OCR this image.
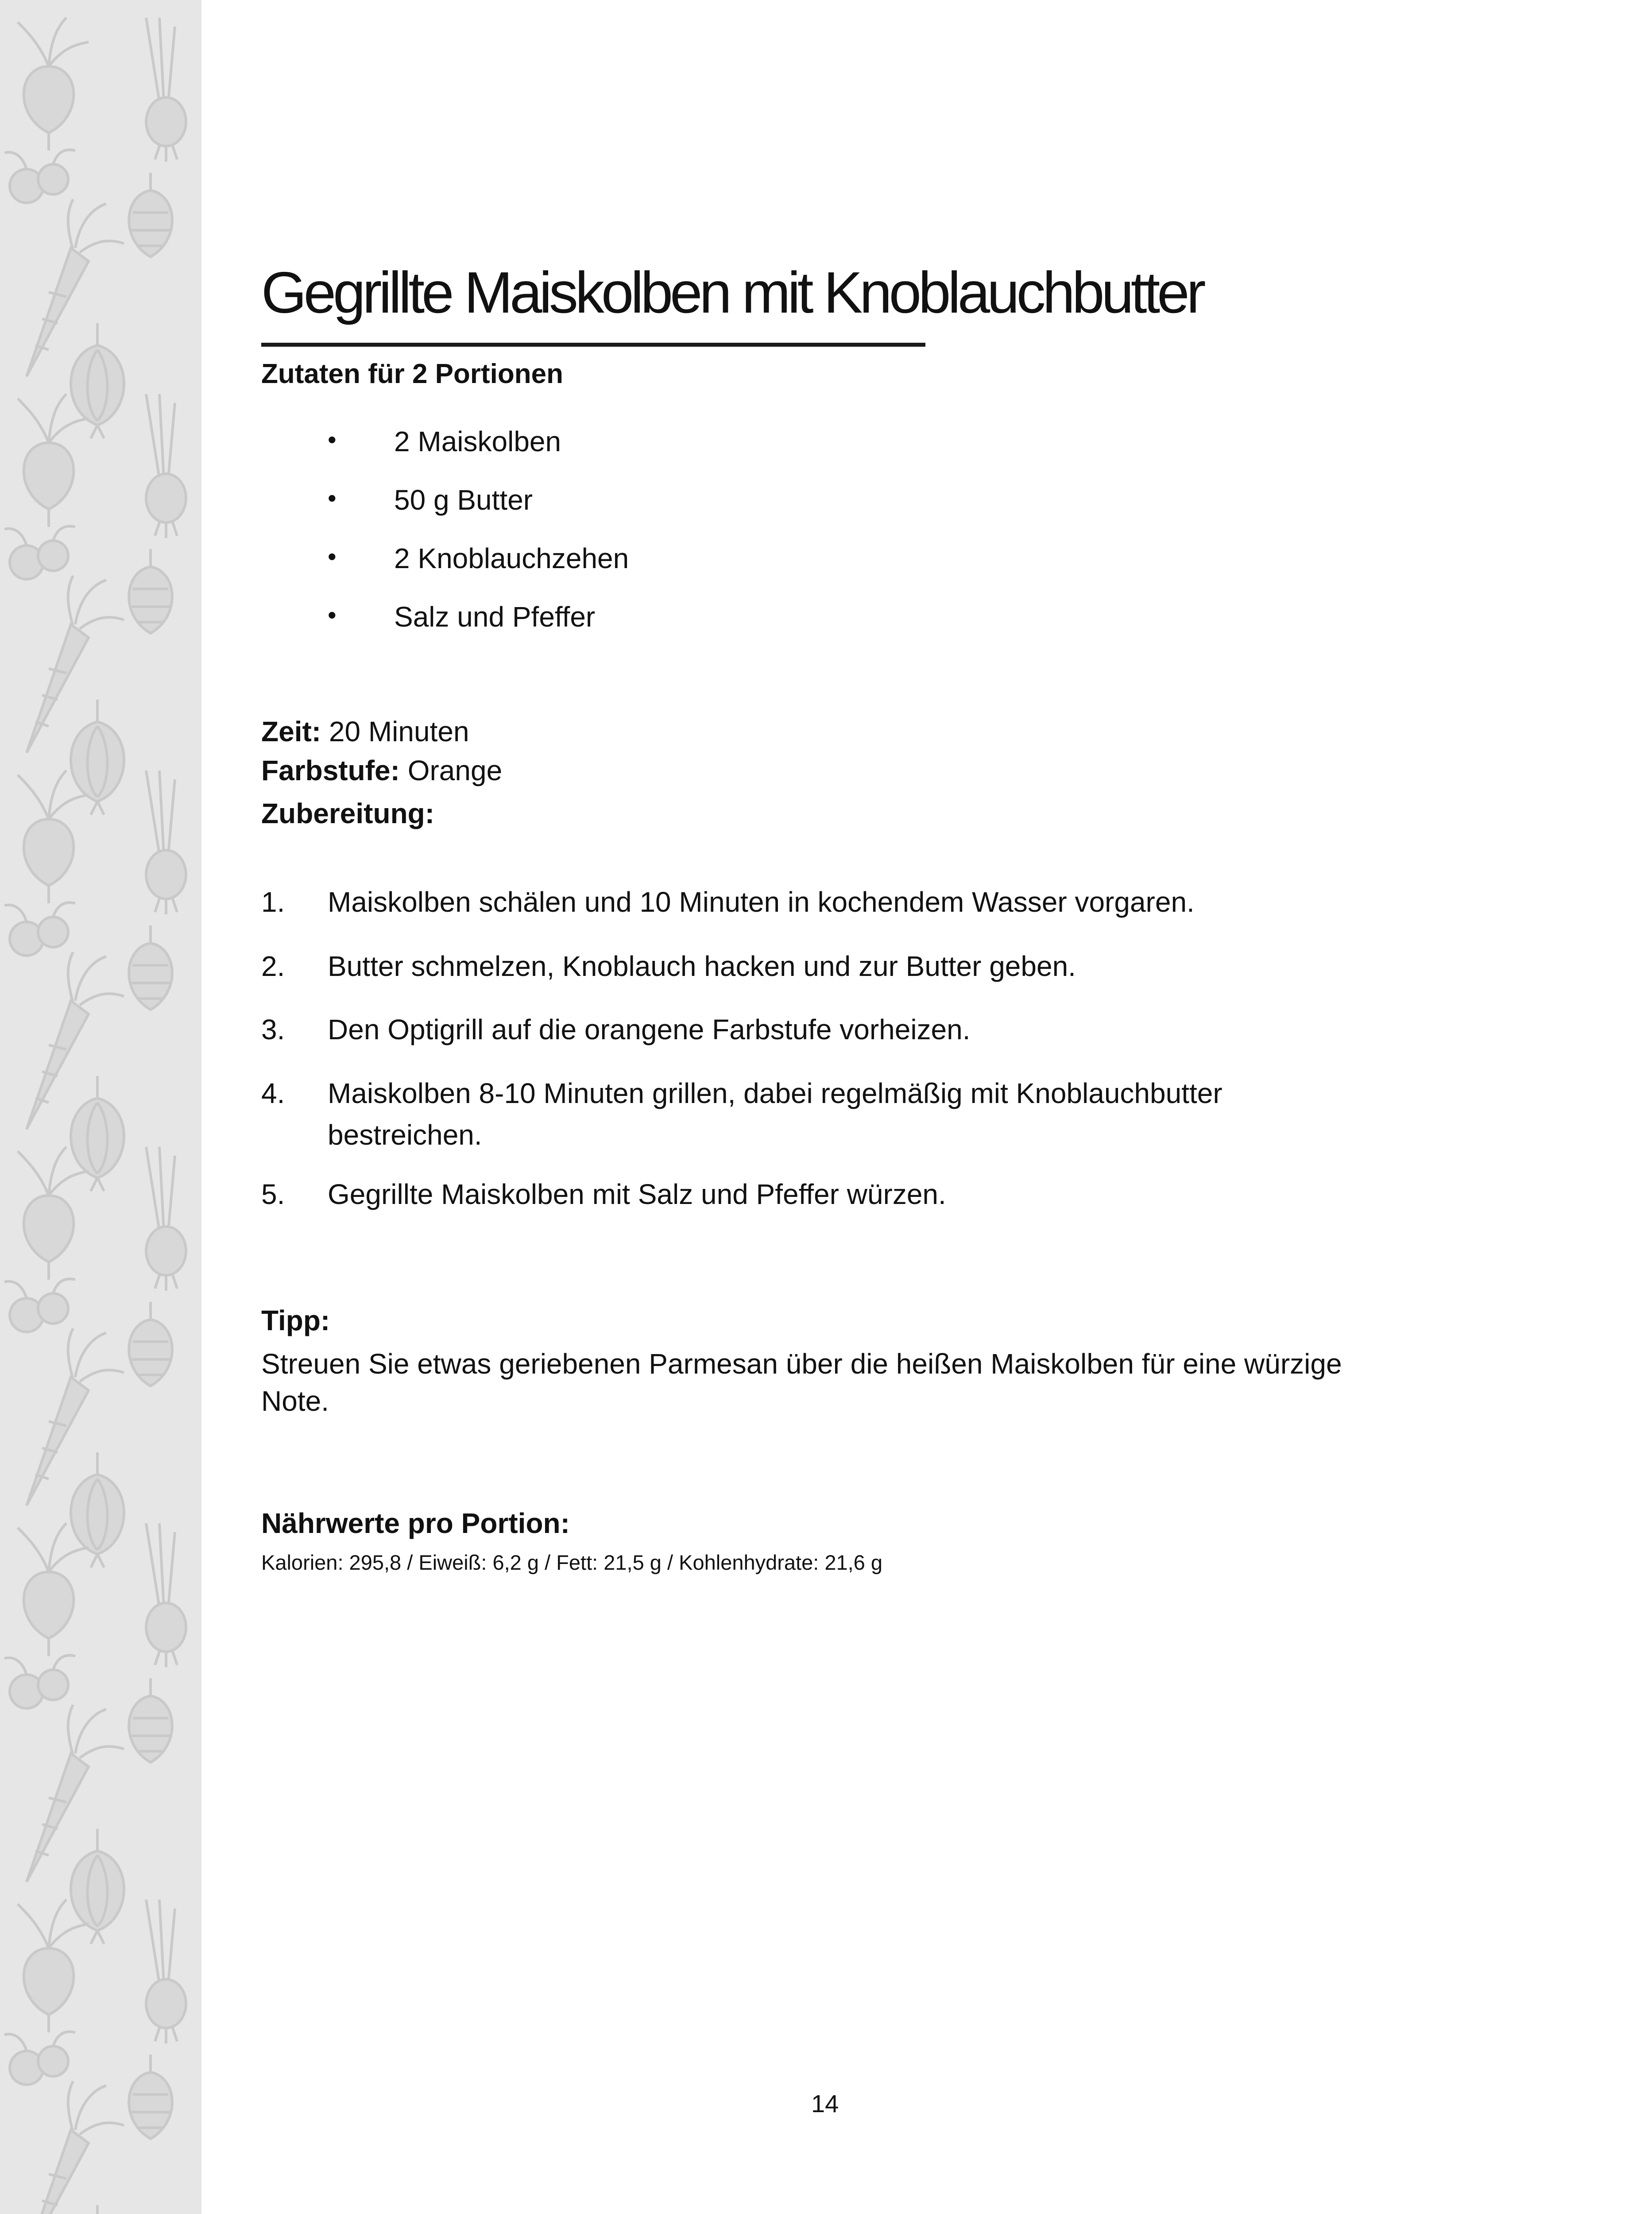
Gegrillte Maiskolben mit Knoblauchbutter
Zutaten für 2 Portionen
• 2 Maiskolben
• 50 g Butter
• 2 Knoblauchzehen
• Salz und Pfeffer
Zeit: 20 Minuten
Farbstufe: Orange
Zubereitung:
1. Maiskolben schälen und 10 Minuten in kochendem Wasser vorgaren.
2. Butter schmelzen, Knoblauch hacken und zur Butter geben.
3. Den Optigrill auf die orangene Farbstufe vorheizen.
4. Maiskolben 8-10 Minuten grillen, dabei regelmäßig mit Knoblauchbutter bestreichen.
5. Gegrillte Maiskolben mit Salz und Pfeffer würzen.
Tipp:
Streuen Sie etwas geriebenen Parmesan über die heißen Maiskolben für eine würzige Note.
Nährwerte pro Portion:
Kalorien: 295,8 / Eiweiß: 6,2 g / Fett: 21,5 g / Kohlenhydrate: 21,6 g
14
